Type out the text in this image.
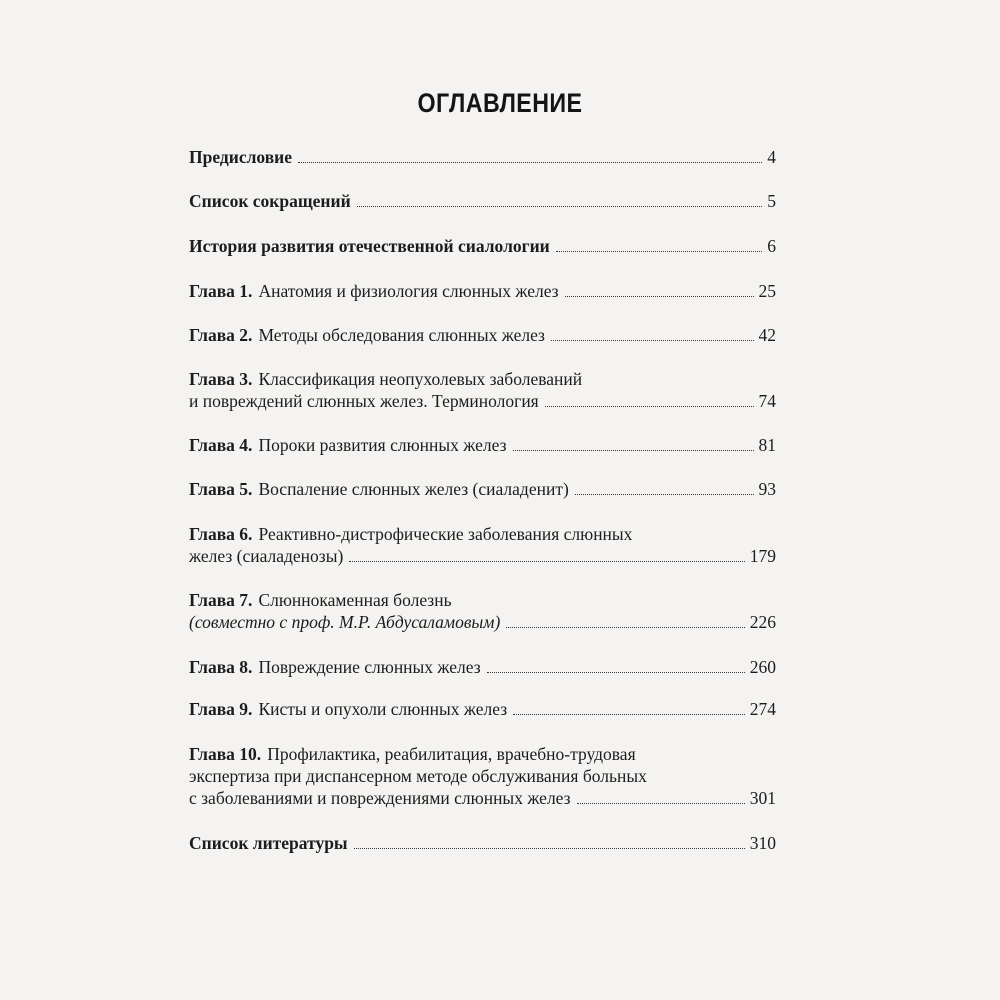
ОГЛАВЛЕНИЕ
Предисловие	4
Список сокращений	5
История развития отечественной сиалологии	6
Глава 1. Анатомия и физиология слюнных желез	25
Глава 2. Методы обследования слюнных желез	42
Глава 3. Классификация неопухолевых заболеваний
и повреждений слюнных желез. Терминология	74
Глава 4. Пороки развития слюнных желез	81
Глава 5. Воспаление слюнных желез (сиаладенит)	93
Глава 6. Реактивно-дистрофические заболевания слюнных
желез (сиаладенозы)	179
Глава 7. Слюннокаменная болезнь
(совместно с проф. М.Р. Абдусаламовым)	226
Глава 8. Повреждение слюнных желез	260
Глава 9. Кисты и опухоли слюнных желез	274
Глава 10. Профилактика, реабилитация, врачебно-трудовая
экспертиза при диспансерном методе обслуживания больных
с заболеваниями и повреждениями слюнных желез	301
Список литературы	310
